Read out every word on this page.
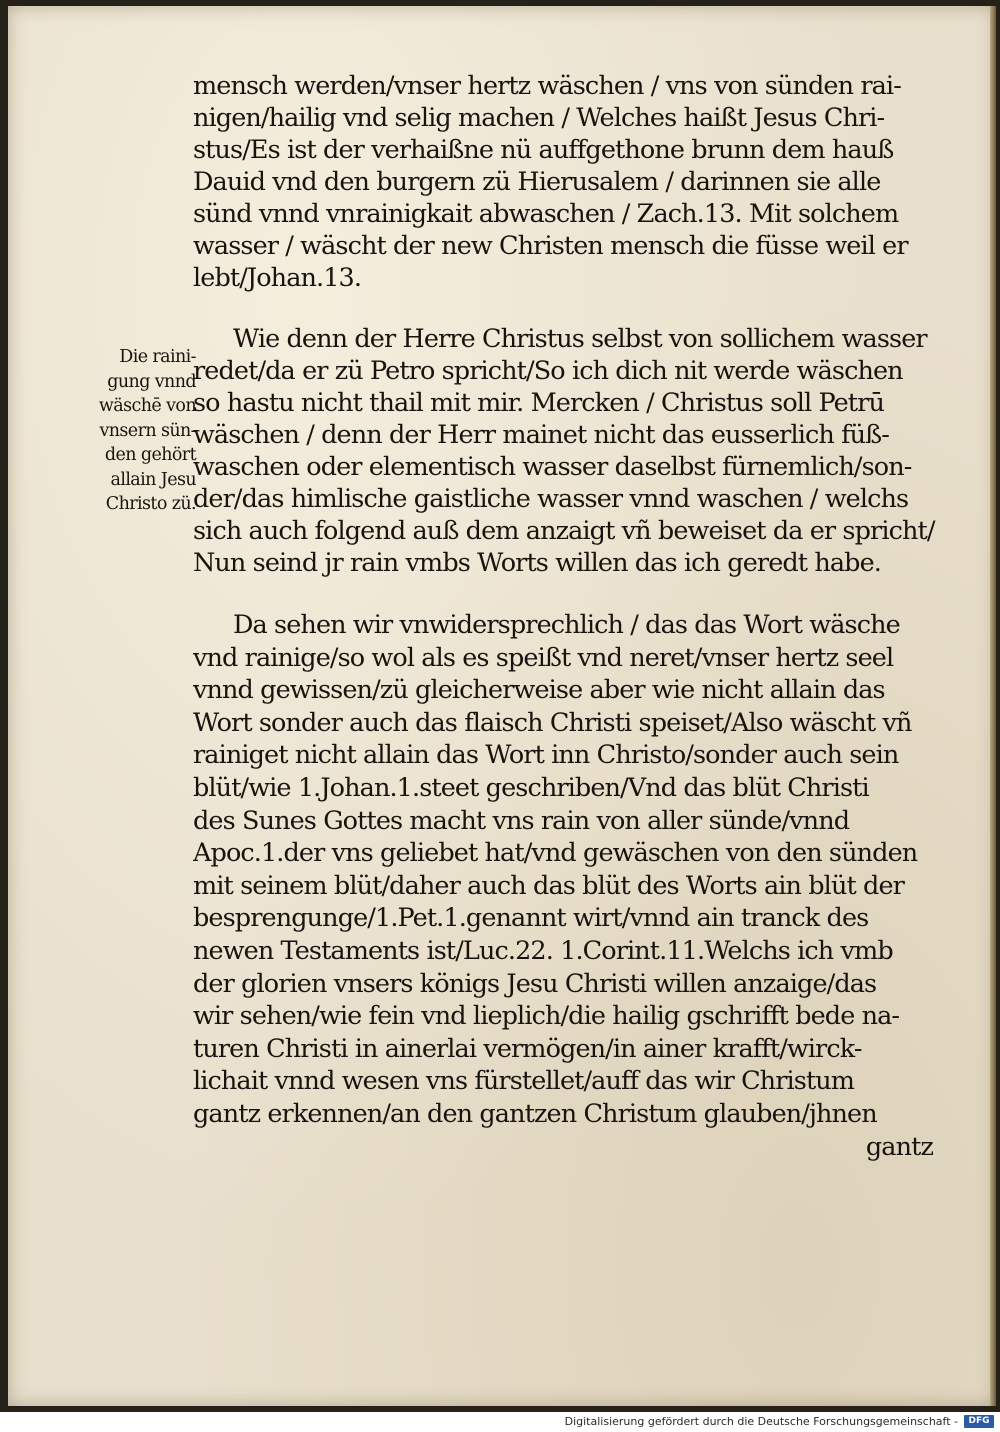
mensch werden/vnser hertz wäschen / vns von sünden rai-
nigen/hailig vnd selig machen / Welches haißt Jesus Chri-
stus/Es ist der verhaißne nü auffgethone brunn dem hauß
Dauid vnd den burgern zü Hierusalem / darinnen sie alle
sünd vnnd vnrainigkait abwaschen / Zach.13. Mit solchem
wasser / wäscht der new Christen mensch die füsse weil er
lebt/Johan.13.
Die raini-
gung vnnd
wäschē von
vnsern sün-
den gehört
allain Jesu
Christo zü.
Wie denn der Herre Christus selbst von sollichem wasser
redet/da er zü Petro spricht/So ich dich nit werde wäschen
so hastu nicht thail mit mir. Mercken / Christus soll Petrū
wäschen / denn der Herr mainet nicht das eusserlich füß-
waschen oder elementisch wasser daselbst fürnemlich/son-
der/das himlische gaistliche wasser vnnd waschen / welchs
sich auch folgend auß dem anzaigt vñ beweiset da er spricht/
Nun seind jr rain vmbs Worts willen das ich geredt habe.
Da sehen wir vnwidersprechlich / das das Wort wäsche
vnd rainige/so wol als es speißt vnd neret/vnser hertz seel
vnnd gewissen/zü gleicherweise aber wie nicht allain das
Wort sonder auch das flaisch Christi speiset/Also wäscht vñ
rainiget nicht allain das Wort inn Christo/sonder auch sein
blüt/wie 1.Johan.1.steet geschriben/Vnd das blüt Christi
des Sunes Gottes macht vns rain von aller sünde/vnnd
Apoc.1.der vns geliebet hat/vnd gewäschen von den sünden
mit seinem blüt/daher auch das blüt des Worts ain blüt der
besprengunge/1.Pet.1.genannt wirt/vnnd ain tranck des
newen Testaments ist/Luc.22. 1.Corint.11.Welchs ich vmb
der glorien vnsers königs Jesu Christi willen anzaige/das
wir sehen/wie fein vnd lieplich/die hailig gschrifft bede na-
turen Christi in ainerlai vermögen/in ainer krafft/wirck-
lichait vnnd wesen vns fürstellet/auff das wir Christum
gantz erkennen/an den gantzen Christum glauben/jhnen
gantz
Digitalisierung gefördert durch die Deutsche Forschungsgemeinschaft -	DFG
